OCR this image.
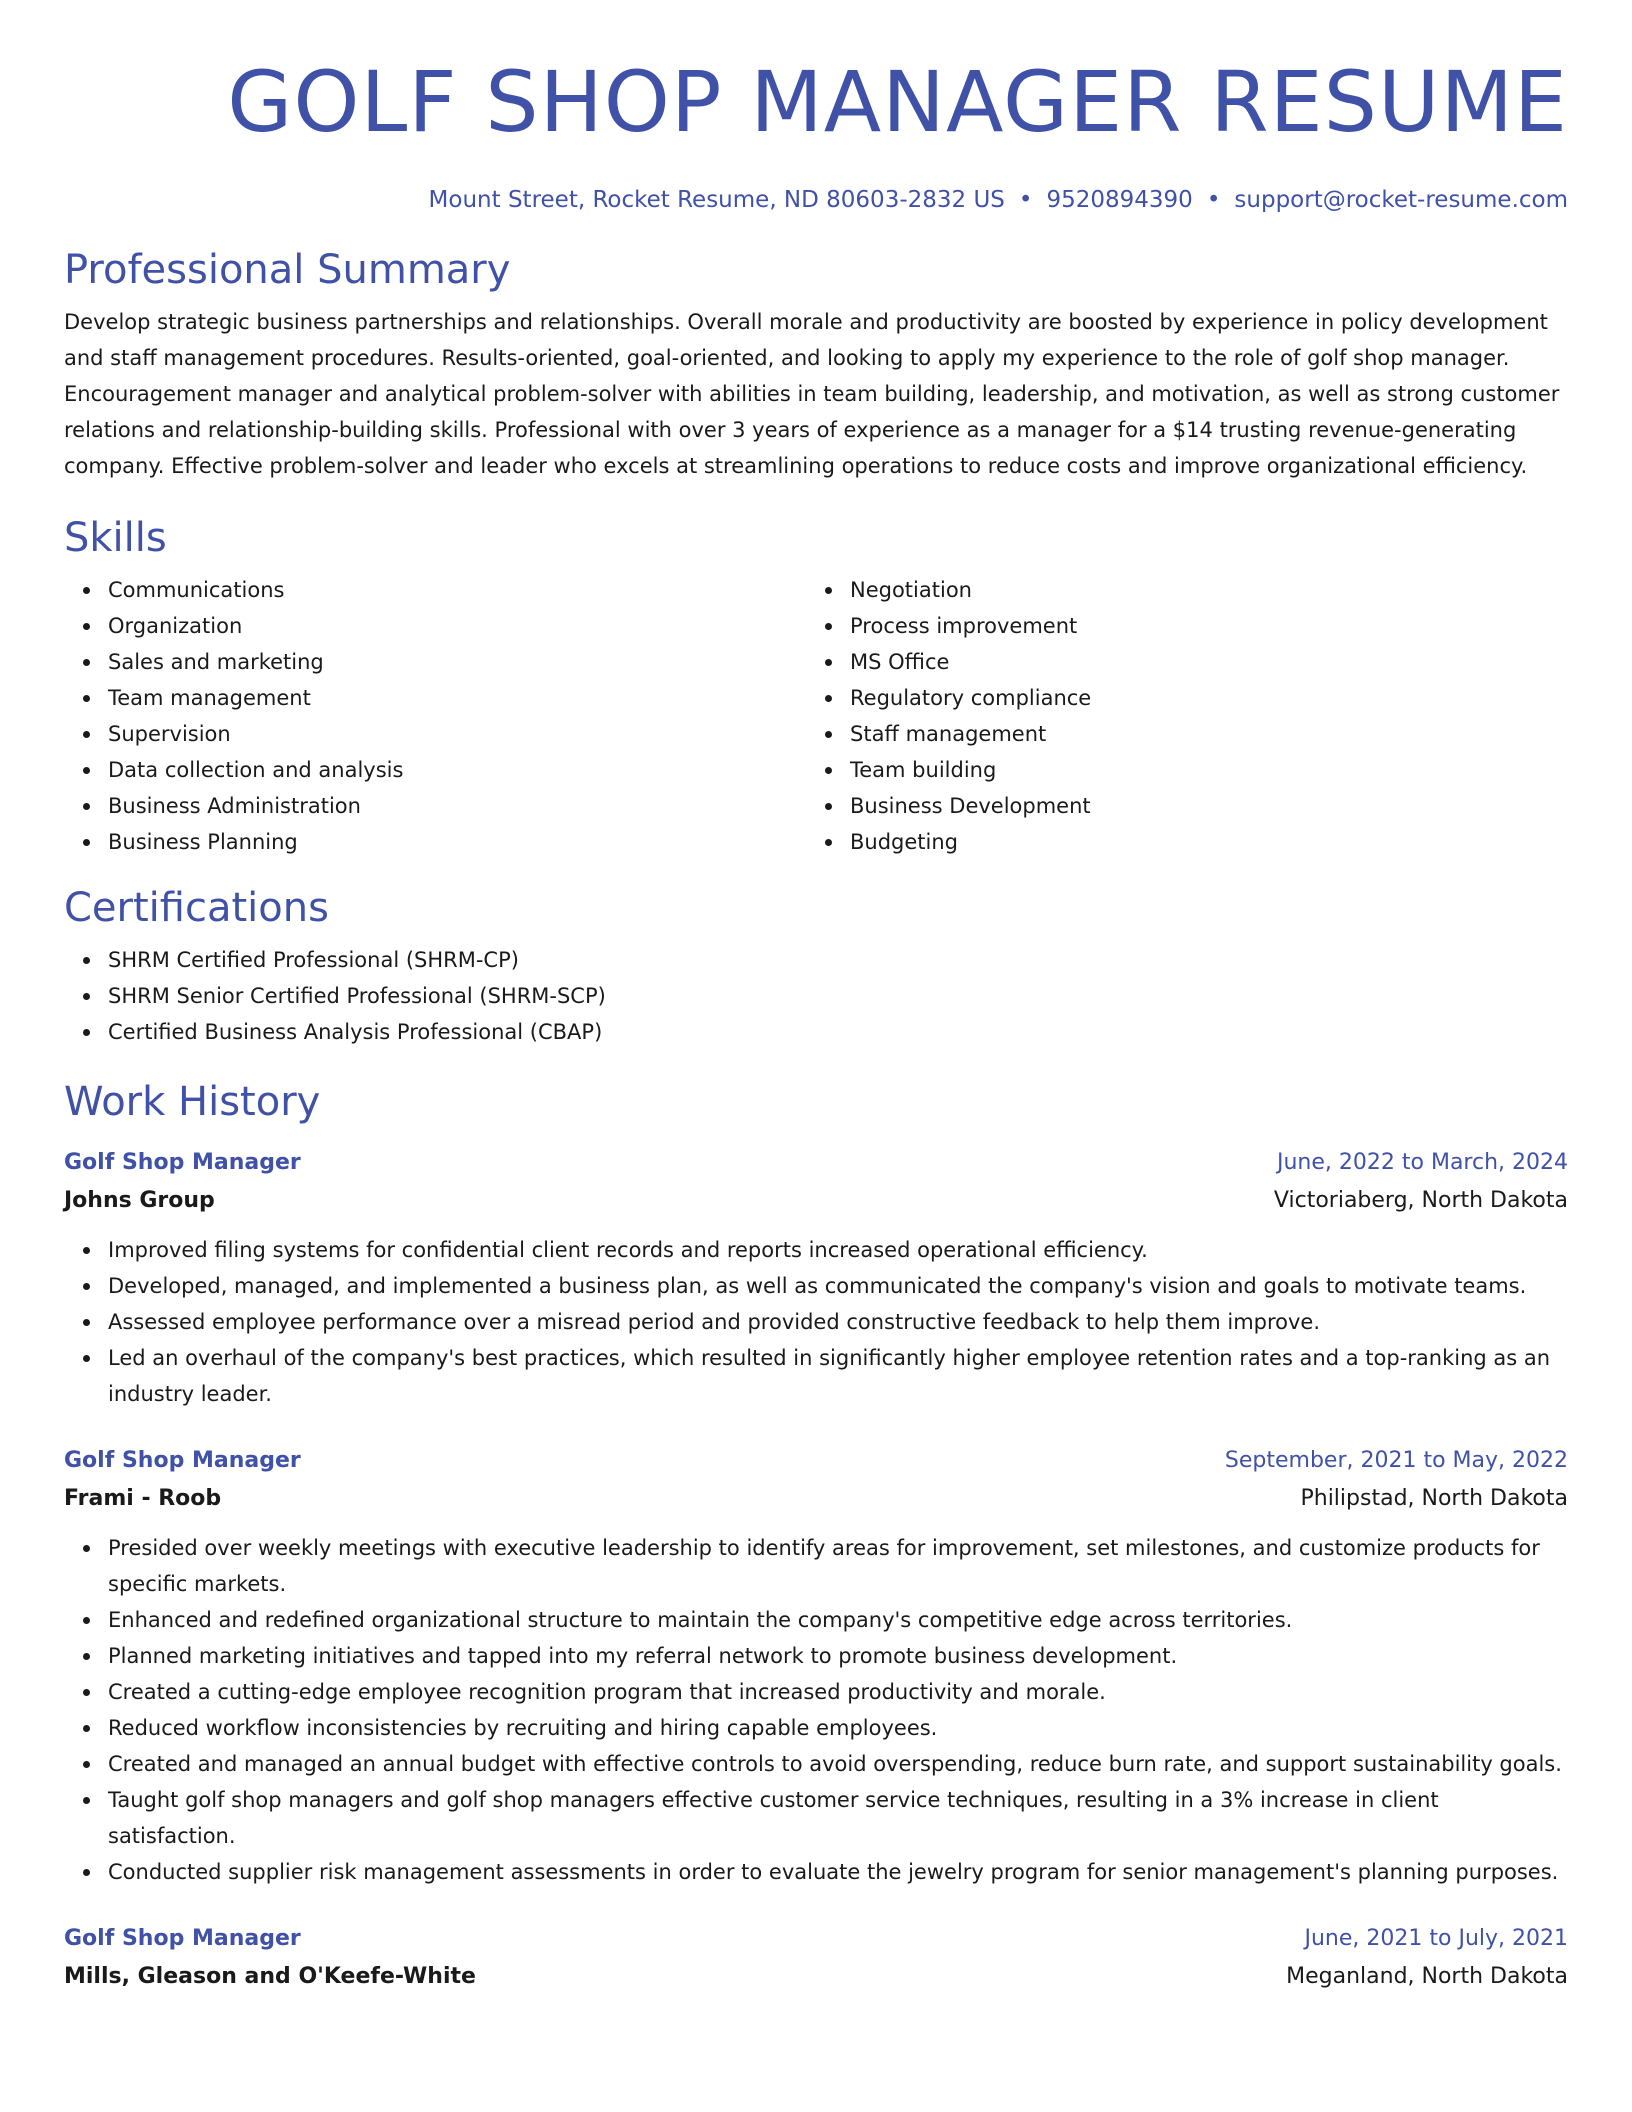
GOLF SHOP MANAGER RESUME
Mount Street, Rocket Resume, ND 80603-2832 US • 9520894390 • support@rocket-resume.com
Professional Summary

Develop strategic business partnerships and relationships. Overall morale and productivity are boosted by experience in policy development and staff management procedures. Results-oriented, goal-oriented, and looking to apply my experience to the role of golf shop manager. Encouragement manager and analytical problem-solver with abilities in team building, leadership, and motivation, as well as strong customer relations and relationship-building skills. Professional with over 3 years of experience as a manager for a $14 trusting revenue-generating company. Effective problem-solver and leader who excels at streamlining operations to reduce costs and improve organizational efficiency.

Skills
Communications
Organization
Sales and marketing
Team management
Supervision
Data collection and analysis
Business Administration
Business Planning
Negotiation
Process improvement
MS Office
Regulatory compliance
Staff management
Team building
Business Development
Budgeting
Certifications
SHRM Certified Professional (SHRM-CP)
SHRM Senior Certified Professional (SHRM-SCP)
Certified Business Analysis Professional (CBAP)
Work History
Golf Shop Manager	June, 2022 to March, 2024
Johns Group	Victoriaberg, North Dakota
Improved filing systems for confidential client records and reports increased operational efficiency.
Developed, managed, and implemented a business plan, as well as communicated the company's vision and goals to motivate teams.
Assessed employee performance over a misread period and provided constructive feedback to help them improve.
Led an overhaul of the company's best practices, which resulted in significantly higher employee retention rates and a top-ranking as an industry leader.
Golf Shop Manager	September, 2021 to May, 2022
Frami - Roob	Philipstad, North Dakota
Presided over weekly meetings with executive leadership to identify areas for improvement, set milestones, and customize products for specific markets.
Enhanced and redefined organizational structure to maintain the company's competitive edge across territories.
Planned marketing initiatives and tapped into my referral network to promote business development.
Created a cutting-edge employee recognition program that increased productivity and morale.
Reduced workflow inconsistencies by recruiting and hiring capable employees.
Created and managed an annual budget with effective controls to avoid overspending, reduce burn rate, and support sustainability goals.
Taught golf shop managers and golf shop managers effective customer service techniques, resulting in a 3% increase in client satisfaction.
Conducted supplier risk management assessments in order to evaluate the jewelry program for senior management's planning purposes.
Golf Shop Manager	June, 2021 to July, 2021
Mills, Gleason and O'Keefe-White	Meganland, North Dakota
